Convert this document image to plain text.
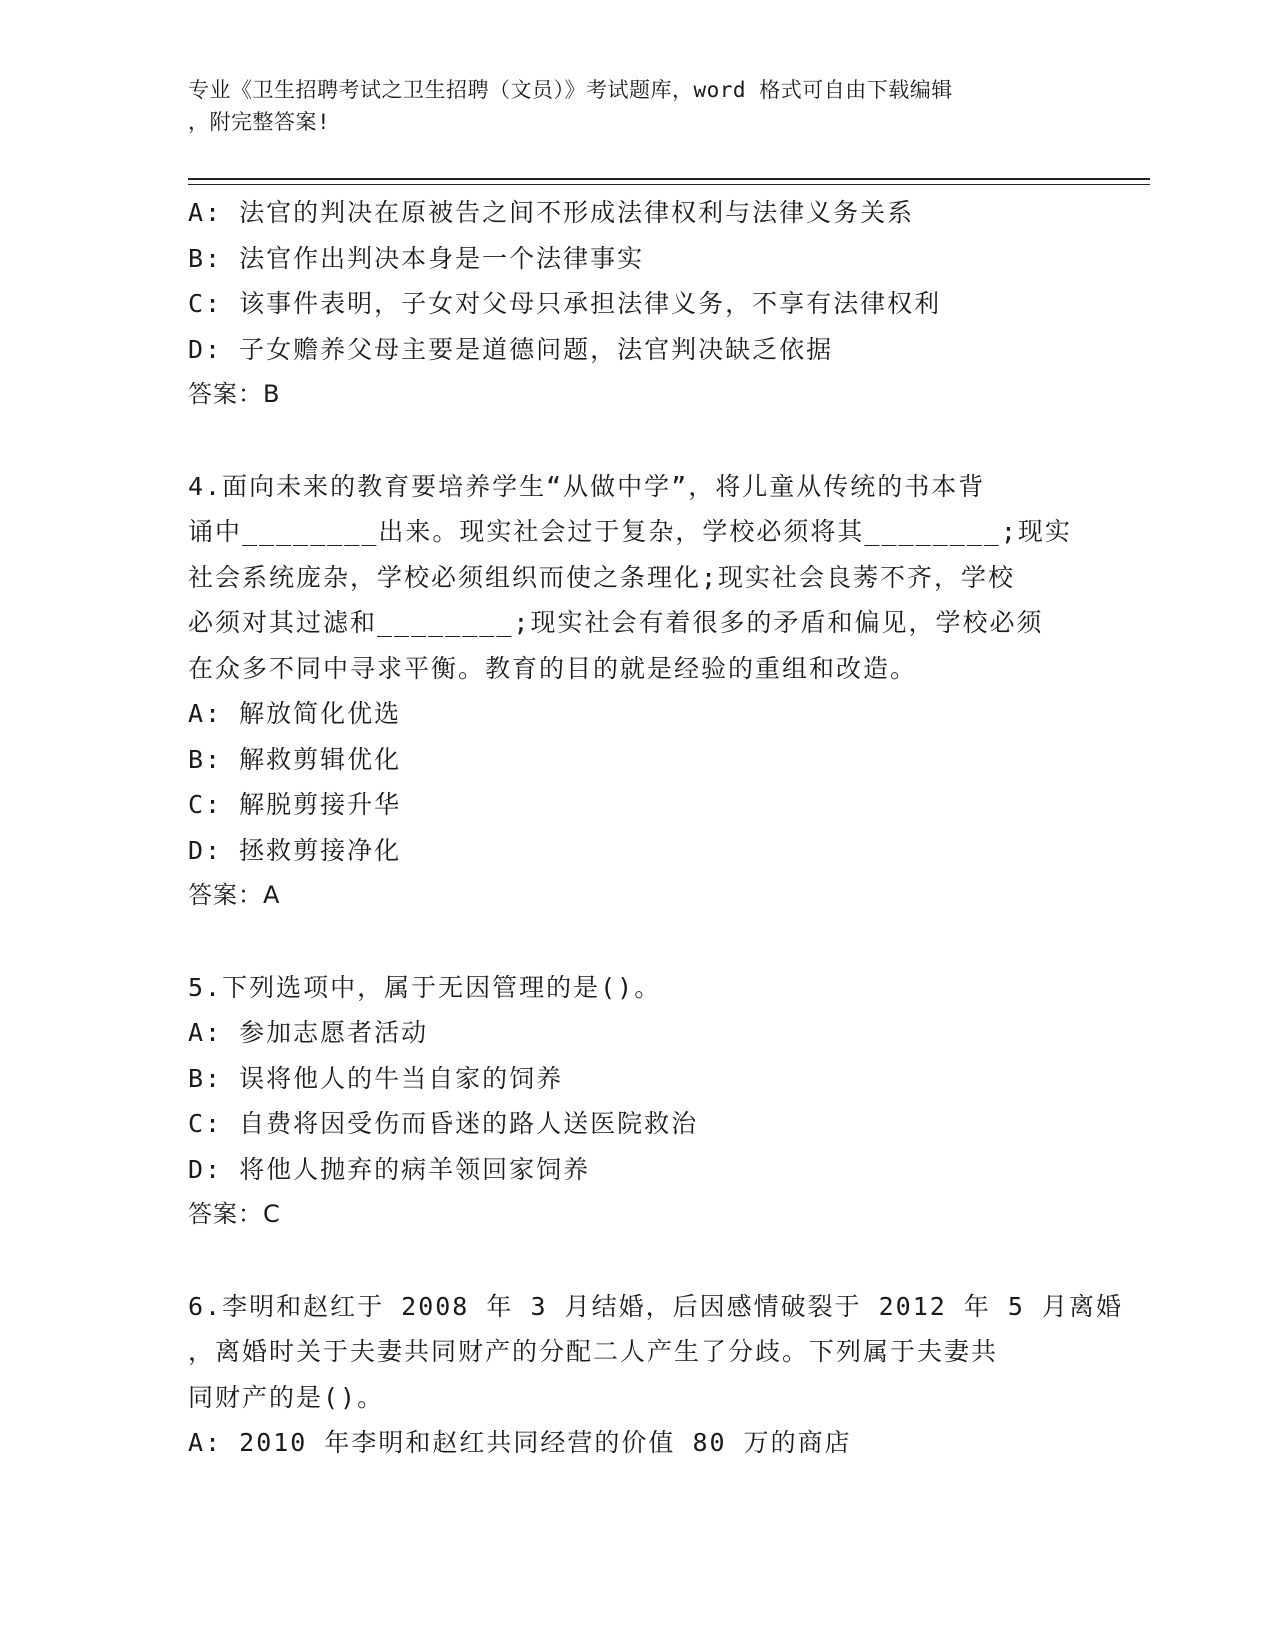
专业《卫生招聘考试之卫生招聘（文员）》考试题库，word 格式可自由下载编辑
，附完整答案!
A: 法官的判决在原被告之间不形成法律权利与法律义务关系
B: 法官作出判决本身是一个法律事实
C: 该事件表明，子女对父母只承担法律义务，不享有法律权利
D: 子女赡养父母主要是道德问题，法官判决缺乏依据
答案：B
4.面向未来的教育要培养学生“从做中学”，将儿童从传统的书本背
诵中________出来。现实社会过于复杂，学校必须将其________;现实
社会系统庞杂，学校必须组织而使之条理化;现实社会良莠不齐，学校
必须对其过滤和________;现实社会有着很多的矛盾和偏见，学校必须
在众多不同中寻求平衡。教育的目的就是经验的重组和改造。
A: 解放简化优选
B: 解救剪辑优化
C: 解脱剪接升华
D: 拯救剪接净化
答案：A
5.下列选项中，属于无因管理的是()。
A: 参加志愿者活动
B: 误将他人的牛当自家的饲养
C: 自费将因受伤而昏迷的路人送医院救治
D: 将他人抛弃的病羊领回家饲养
答案：C
6.李明和赵红于 2008 年 3 月结婚，后因感情破裂于 2012 年 5 月离婚
，离婚时关于夫妻共同财产的分配二人产生了分歧。下列属于夫妻共
同财产的是()。
A: 2010 年李明和赵红共同经营的价值 80 万的商店
